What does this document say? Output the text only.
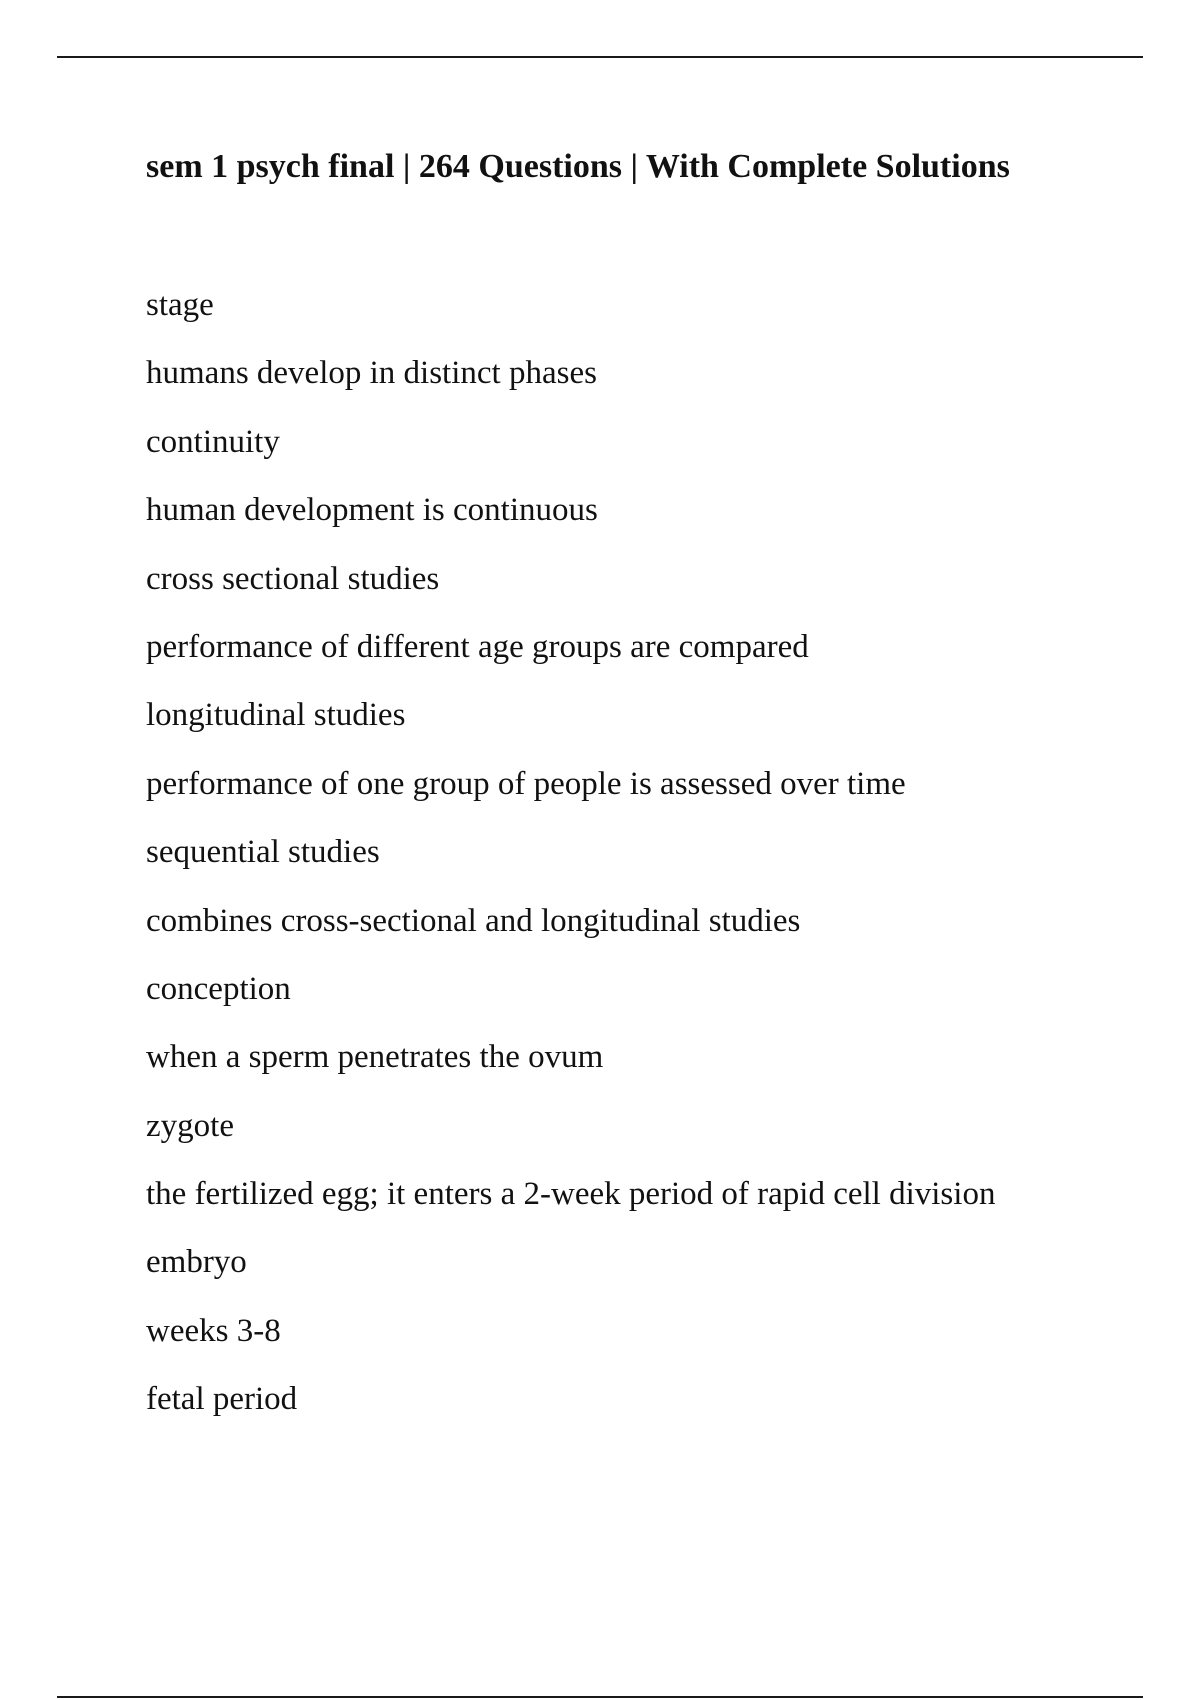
sem 1 psych final | 264 Questions | With Complete Solutions
stage
humans develop in distinct phases
continuity
human development is continuous
cross sectional studies
performance of different age groups are compared
longitudinal studies
performance of one group of people is assessed over time
sequential studies
combines cross-sectional and longitudinal studies
conception
when a sperm penetrates the ovum
zygote
the fertilized egg; it enters a 2-week period of rapid cell division
embryo
weeks 3-8
fetal period
